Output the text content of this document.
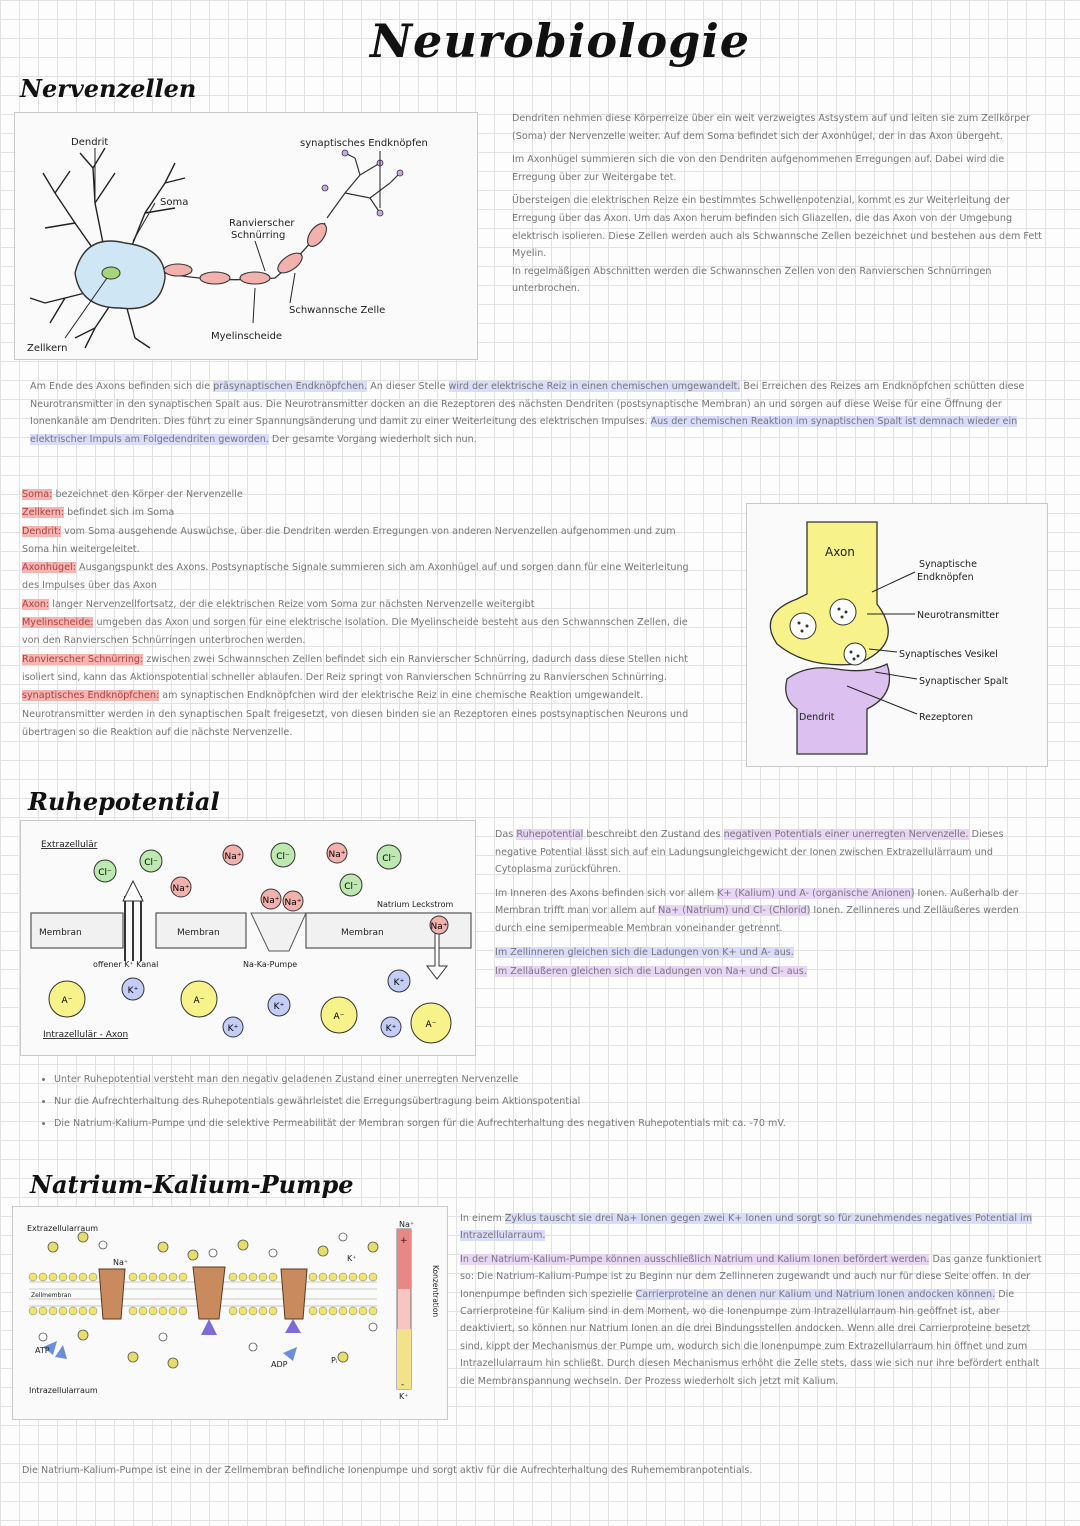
Neurobiologie
Nervenzellen
Dendrit
Soma
synaptisches Endknöpfen
Ranvierscher
Schnürring
Schwannsche Zelle
Myelinscheide
Zellkern

Dendriten nehmen diese Körperreize über ein weit verzweigtes Astsystem auf und leiten sie zum Zellkörper (Soma) der Nervenzelle weiter. Auf dem Soma befindet sich der Axonhügel, der in das Axon übergeht.

Im Axonhügel summieren sich die von den Dendriten aufgenommenen Erregungen auf. Dabei wird die Erregung über zur Weitergabe tet.

Übersteigen die elektrischen Reize ein bestimmtes Schwellenpotenzial, kommt es zur Weiterleitung der Erregung über das Axon. Um das Axon herum befinden sich Gliazellen, die das Axon von der Umgebung elektrisch isolieren. Diese Zellen werden auch als Schwannsche Zellen bezeichnet und bestehen aus dem Fett Myelin.

In regelmäßigen Abschnitten werden die Schwannschen Zellen von den Ranvierschen Schnürringen unterbrochen.

Am Ende des Axons befinden sich die präsynaptischen Endknöpfchen. An dieser Stelle wird der elektrische Reiz in einen chemischen umgewandelt. Bei Erreichen des Reizes am Endknöpfchen schütten diese Neurotransmitter in den synaptischen Spalt aus. Die Neurotransmitter docken an die Rezeptoren des nächsten Dendriten (postsynaptische Membran) an und sorgen auf diese Weise für eine Öffnung der Ionenkanäle am Dendriten. Dies führt zu einer Spannungsänderung und damit zu einer Weiterleitung des elektrischen Impulses. Aus der chemischen Reaktion im synaptischen Spalt ist demnach wieder ein elektrischer Impuls am Folgedendriten geworden. Der gesamte Vorgang wiederholt sich nun.
Soma: bezeichnet den Körper der Nervenzelle
Zellkern: befindet sich im Soma
Dendrit: vom Soma ausgehende Auswüchse, über die Dendriten werden Erregungen von anderen Nervenzellen aufgenommen und zum Soma hin weitergeleitet.
Axonhügel: Ausgangspunkt des Axons. Postsynaptische Signale summieren sich am Axonhügel auf und sorgen dann für eine Weiterleitung des Impulses über das Axon
Axon: langer Nervenzellfortsatz, der die elektrischen Reize vom Soma zur nächsten Nervenzelle weitergibt
Myelinscheide: umgeben das Axon und sorgen für eine elektrische Isolation. Die Myelinscheide besteht aus den Schwannschen Zellen, die von den Ranvierschen Schnürringen unterbrochen werden.
Ranvierscher Schnürring: zwischen zwei Schwannschen Zellen befindet sich ein Ranvierscher Schnürring, dadurch dass diese Stellen nicht isoliert sind, kann das Aktionspotential schneller ablaufen. Der Reiz springt von Ranvierschen Schnürring zu Ranvierschen Schnürring.
synaptisches Endknöpfchen: am synaptischen Endknöpfchen wird der elektrische Reiz in eine chemische Reaktion umgewandelt. Neurotransmitter werden in den synaptischen Spalt freigesetzt, von diesen binden sie an Rezeptoren eines postsynaptischen Neurons und übertragen so die Reaktion auf die nächste Nervenzelle.
Axon
Synaptische
Endknöpfen
Neurotransmitter
Synaptisches Vesikel
Synaptischer Spalt
Dendrit	Rezeptoren
Ruhepotential
Cl⁻
Cl⁻
Na⁺
Na⁺	Cl⁻	Na⁺
Cl⁻
Cl⁻
Na⁺ Na⁺
Na⁺
A⁻
K⁺
A⁻
K⁺
K⁺
A⁻
K⁺
K⁺	A⁻
Extrazellulär
Membran	Membran	Membran
offener K⁺ Kanal	Na-Ka-Pumpe
Natrium Leckstrom
Intrazellulär - Axon

Das Ruhepotential beschreibt den Zustand des negativen Potentials einer unerregten Nervenzelle. Dieses negative Potential lässt sich auf ein Ladungsungleichgewicht der Ionen zwischen Extrazellulärraum und Cytoplasma zurückführen.

Im Inneren des Axons befinden sich vor allem K+ (Kalium) und A- (organische Anionen) Ionen. Außerhalb der Membran trifft man vor allem auf Na+ (Natrium) und Cl- (Chlorid) Ionen. Zellinneres und Zelläußeres werden durch eine semipermeable Membran voneinander getrennt.

Im Zellinneren gleichen sich die Ladungen von K+ und A- aus.

Im Zelläußeren gleichen sich die Ladungen von Na+ und Cl- aus.

• Unter Ruhepotential versteht man den negativ geladenen Zustand einer unerregten Nervenzelle
• Nur die Aufrechterhaltung des Ruhepotentials gewährleistet die Erregungsübertragung beim Aktionspotential
• Die Natrium-Kalium-Pumpe und die selektive Permeabilität der Membran sorgen für die Aufrechterhaltung des negativen Ruhepotentials mit ca. -70 mV.
Natrium-Kalium-Pumpe
Extrazellularraum
Na⁺	K⁺
Zellmembran
ATP
ADP	Pᵢ
Intrazellularraum
Na⁺
K⁺
+
-
Konzentration

In einem Zyklus tauscht sie drei Na+ Ionen gegen zwei K+ Ionen und sorgt so für zunehmendes negatives Potential im Intrazellularraum.

In der Natrium-Kalium-Pumpe können ausschließlich Natrium und Kalium Ionen befördert werden. Das ganze funktioniert so: Die Natrium-Kalium-Pumpe ist zu Beginn nur dem Zellinneren zugewandt und auch nur für diese Seite offen. In der Ionenpumpe befinden sich spezielle Carrierproteine an denen nur Kalium und Natrium Ionen andocken können. Die Carrierproteine für Kalium sind in dem Moment, wo die Ionenpumpe zum Intrazellularraum hin geöffnet ist, aber deaktiviert, so können nur Natrium Ionen an die drei Bindungsstellen andocken. Wenn alle drei Carrierproteine besetzt sind, kippt der Mechanismus der Pumpe um, wodurch sich die Ionenpumpe zum Extrazellularraum hin öffnet und zum Intrazellularraum hin schließt. Durch diesen Mechanismus erhöht die Zelle stets, dass wie sich nur ihre befördert enthalt die Membranspannung wechseln. Der Prozess wiederholt sich jetzt mit Kalium.

Die Natrium-Kalium-Pumpe ist eine in der Zellmembran befindliche Ionenpumpe und sorgt aktiv für die Aufrechterhaltung des Ruhemembranpotentials.
